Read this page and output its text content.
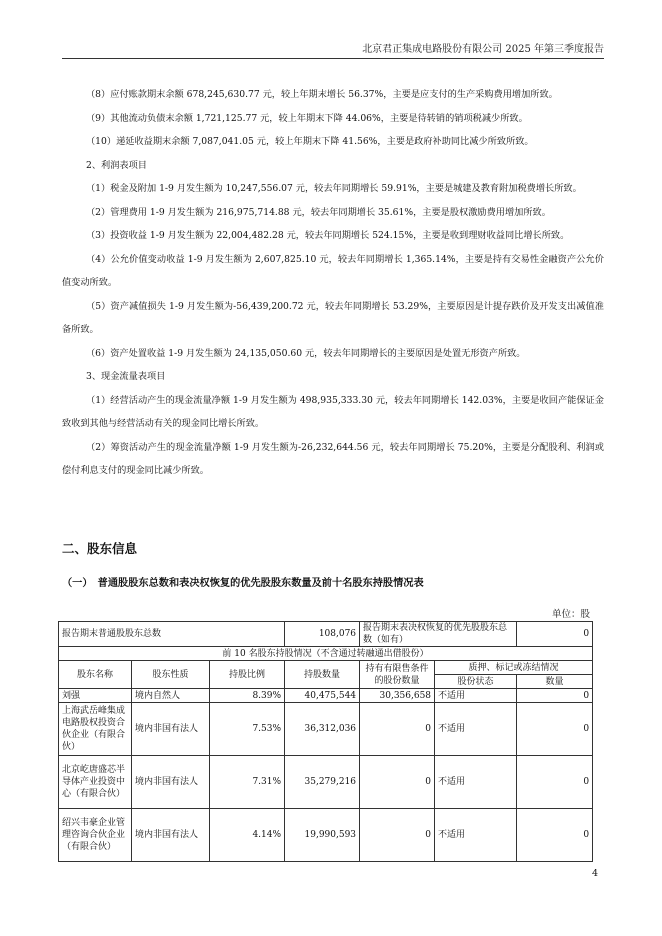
北京君正集成电路股份有限公司 2025 年第三季度报告

（8）应付账款期末余额 678,245,630.77 元，较上年期末增长 56.37%，主要是应支付的生产采购费用增加所致。

（9）其他流动负债末余额 1,721,125.77 元，较上年期末下降 44.06%，主要是待转销的销项税减少所致。

（10）递延收益期末余额 7,087,041.05 元，较上年期末下降 41.56%，主要是政府补助同比减少所致所致。

2、利润表项目

（1）税金及附加 1-9 月发生额为 10,247,556.07 元，较去年同期增长 59.91%，主要是城建及教育附加税费增长所致。

（2）管理费用 1-9 月发生额为 216,975,714.88 元，较去年同期增长 35.61%，主要是股权激励费用增加所致。

（3）投资收益 1-9 月发生额为 22,004,482.28 元，较去年同期增长 524.15%，主要是收到理财收益同比增长所致。

（4）公允价值变动收益 1-9 月发生额为 2,607,825.10 元，较去年同期增长 1,365.14%，主要是持有交易性金融资产公允价值变动所致。

（5）资产减值损失 1-9 月发生额为-56,439,200.72 元，较去年同期增长 53.29%，主要原因是计提存跌价及开发支出减值准备所致。

（6）资产处置收益 1-9 月发生额为 24,135,050.60 元，较去年同期增长的主要原因是处置无形资产所致。

3、现金流量表项目

（1）经营活动产生的现金流量净额 1-9 月发生额为 498,935,333.30 元，较去年同期增长 142.03%，主要是收回产能保证金致收到其他与经营活动有关的现金同比增长所致。

（2）筹资活动产生的现金流量净额 1-9 月发生额为-26,232,644.56 元，较去年同期增长 75.20%，主要是分配股利、利润或偿付利息支付的现金同比减少所致。

二、股东信息
（一）　普通股股东总数和表决权恢复的优先股股东数量及前十名股东持股情况表
单位：股
报告期末普通股股东总数			108,076	报告期末表决权恢复的优先股股东总数（如有）		0
前 10 名股东持股情况（不含通过转融通出借股份）						
股东名称	股东性质	持股比例	持股数量	持有有限售条件的股份数量	质押、标记或冻结情况	
					股份状态	数量
刘强	境内自然人	8.39%	40,475,544	30,356,658	不适用	0
上海武岳峰集成电路股权投资合伙企业（有限合伙）	境内非国有法人	7.53%	36,312,036	0	不适用	0
北京屹唐盛芯半导体产业投资中心（有限合伙）	境内非国有法人	7.31%	35,279,216	0	不适用	0
绍兴韦豪企业管理咨询合伙企业（有限合伙）	境内非国有法人	4.14%	19,990,593	0	不适用	0
4
